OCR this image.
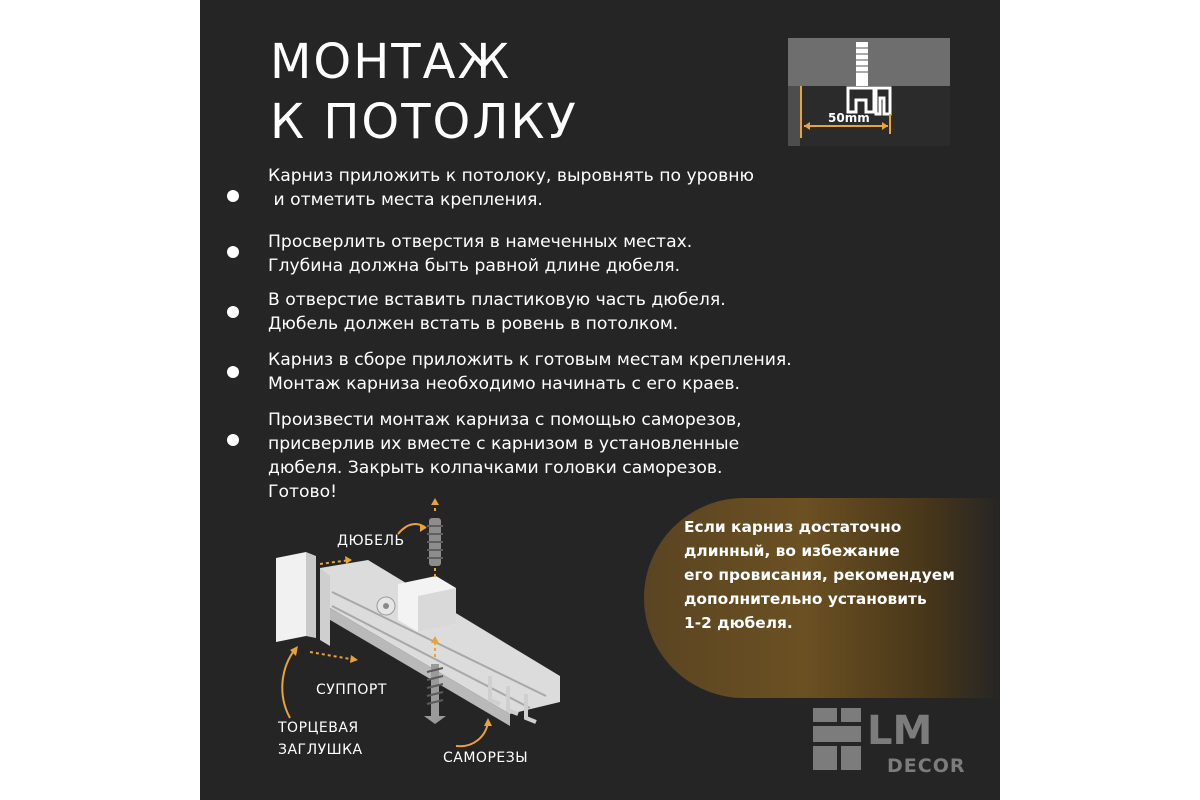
МОНТАЖ
К ПОТОЛКУ	50mm
Карниз приложить к потолоку, выровнять по уровню
и отметить места крепления.
Просверлить отверстия в намеченных местах.
Глубина должна быть равной длине дюбеля.
В отверстие вставить пластиковую часть дюбеля.
Дюбель должен встать в ровень в потолком.
Карниз в сборе приложить к готовым местам крепления.
Монтаж карниза необходимо начинать с его краев.
Произвести монтаж карниза с помощью саморезов,
присверлив их вместе с карнизом в установленные
дюбеля. Закрыть колпачками головки саморезов.
Готово!
Если карниз достаточно
длинный, во избежание
его провисания, рекомендуем
дополнительно установить
1-2 дюбеля.
ДЮБЕЛЬ
СУППОРТ
ТОРЦЕВАЯ
ЗАГЛУШКА	САМОРЕЗЫ
LM
DECOR
